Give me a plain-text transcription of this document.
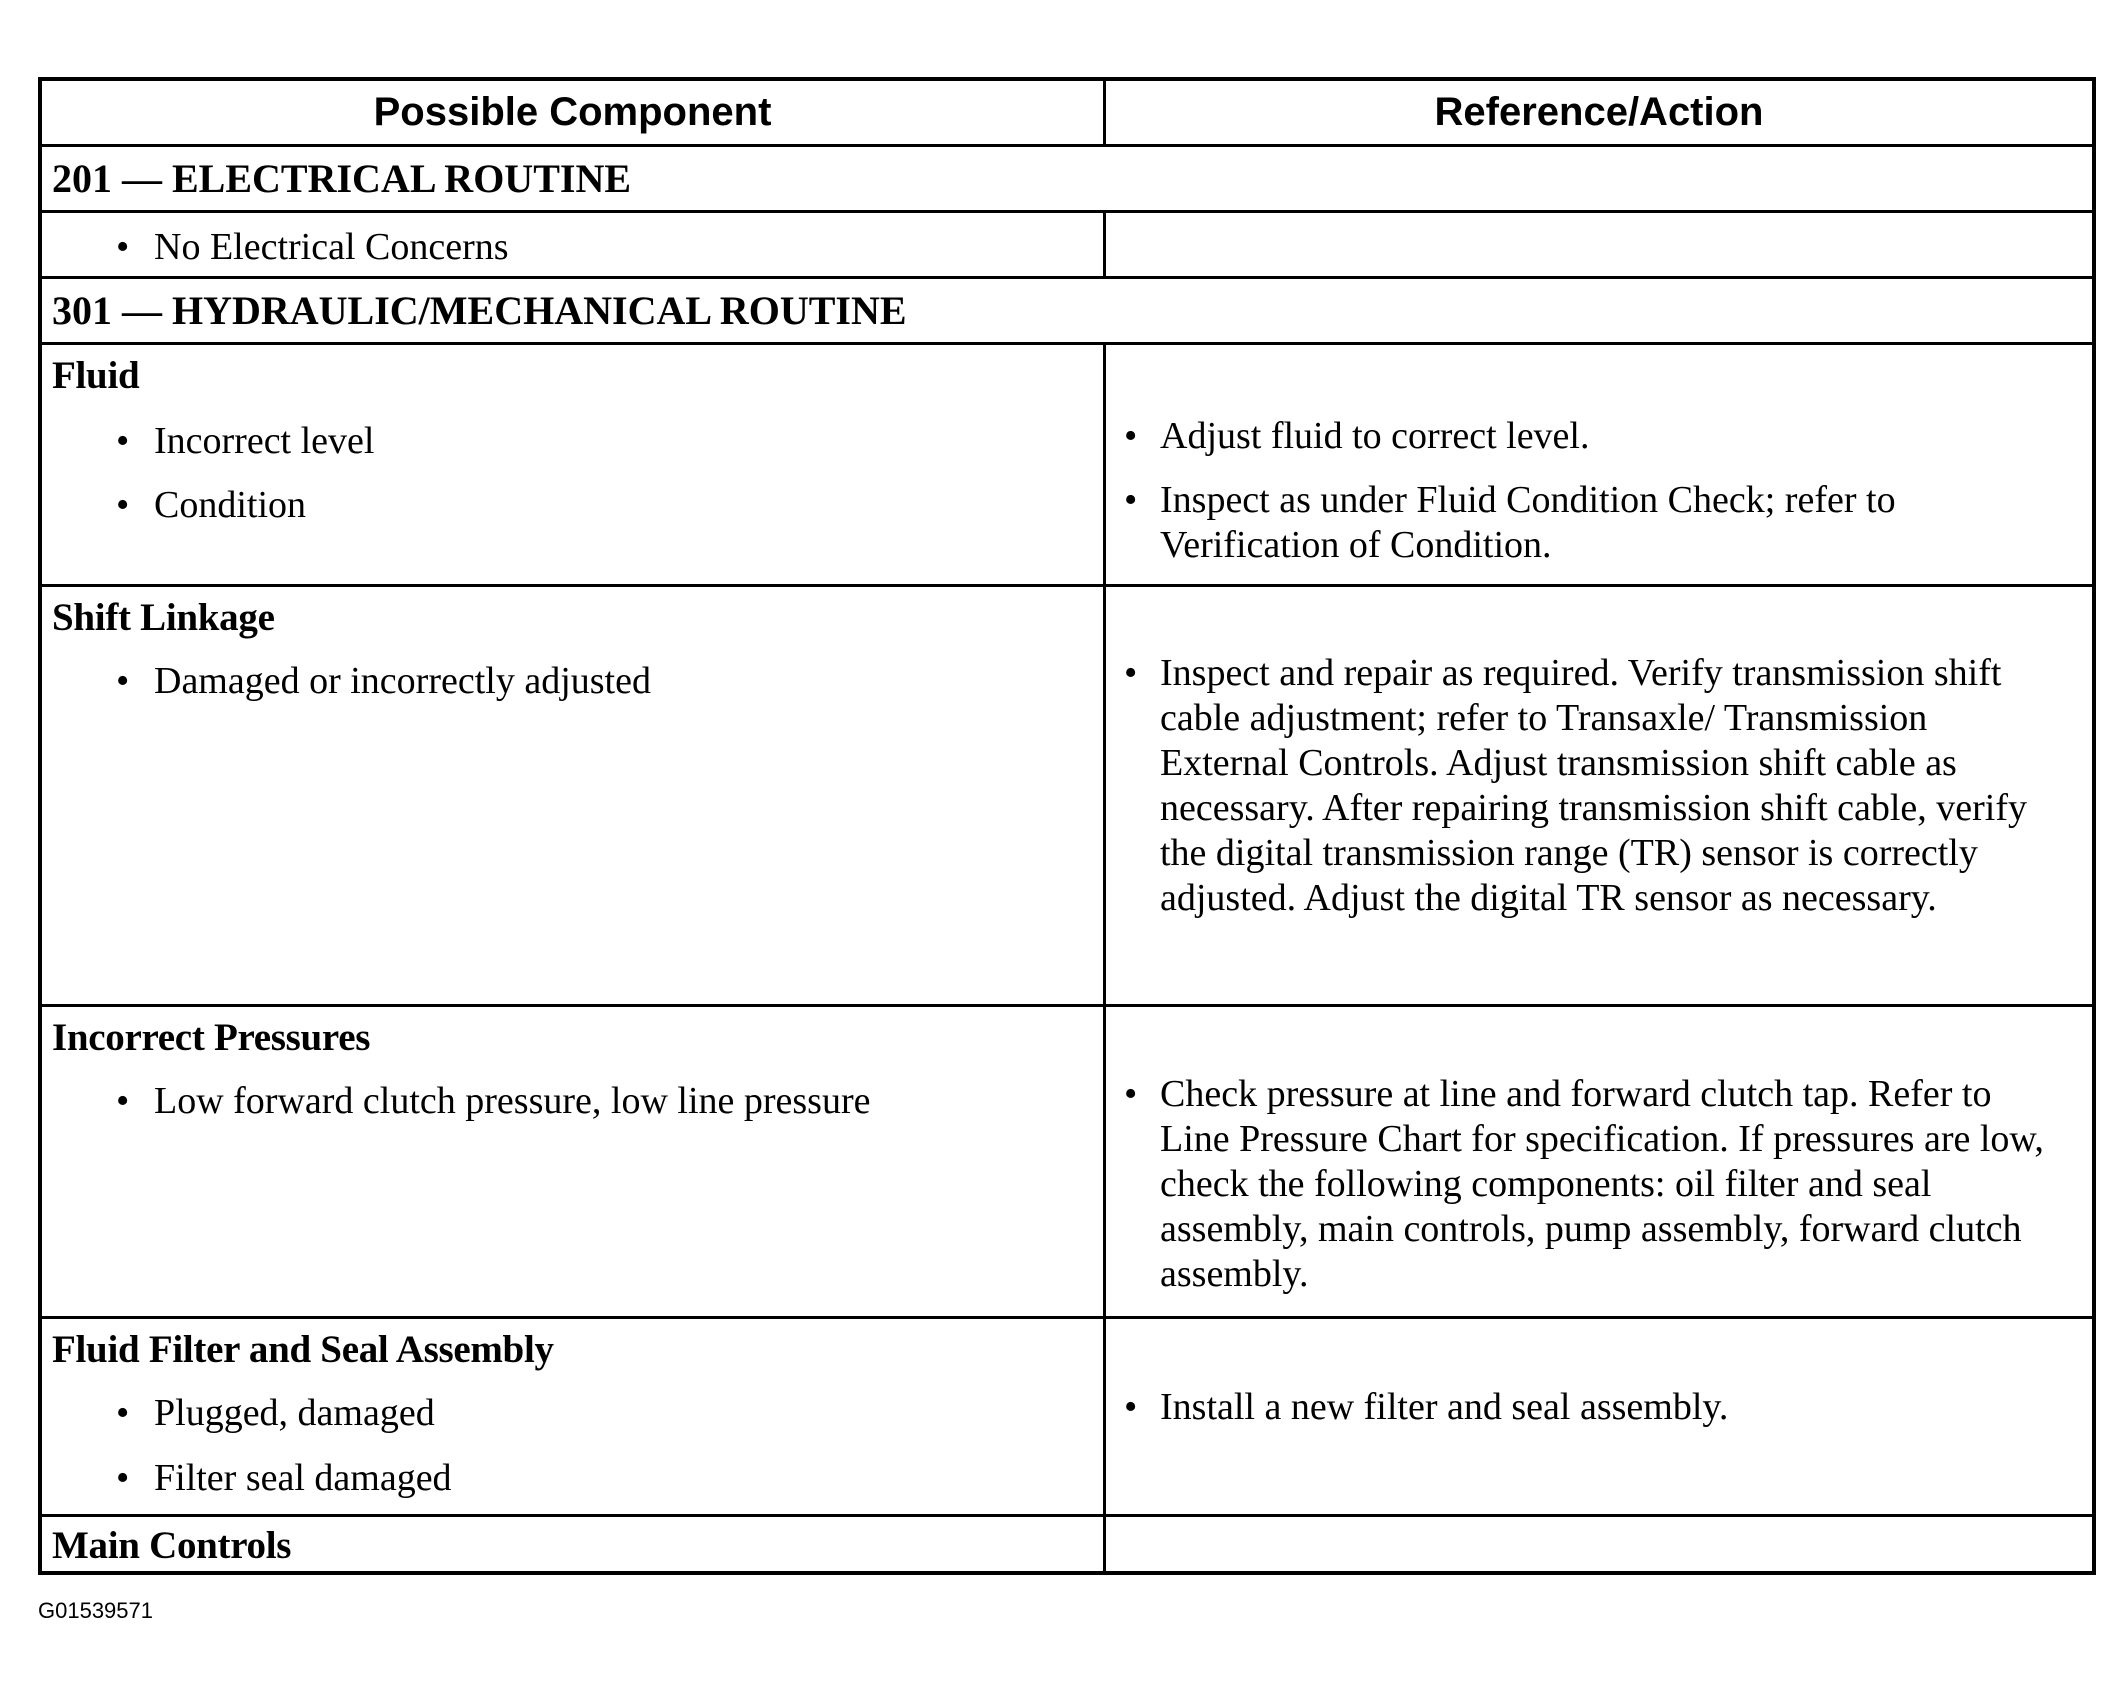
Possible Component	Reference/Action
201 — ELECTRICAL ROUTINE
• No Electrical Concerns
301 — HYDRAULIC/MECHANICAL ROUTINE
Fluid
• Incorrect level
• Condition
Shift Linkage
• Damaged or incorrectly adjusted
Incorrect Pressures
• Low forward clutch pressure, low line pressure
Fluid Filter and Seal Assembly
• Plugged, damaged
• Filter seal damaged
Main Controls
• Adjust fluid to correct level.
• Inspect as under Fluid Condition Check; refer to Verification of Condition.
• Inspect and repair as required. Verify transmission shift cable adjustment; refer to Transaxle/ Transmission External Controls. Adjust transmission shift cable as necessary. After repairing transmission shift cable, verify the digital transmission range (TR) sensor is correctly adjusted. Adjust the digital TR sensor as necessary.
• Check pressure at line and forward clutch tap. Refer to Line Pressure Chart for specification. If pressures are low, check the following components: oil filter and seal assembly, main controls, pump assembly, forward clutch assembly.
• Install a new filter and seal assembly.
G01539571
